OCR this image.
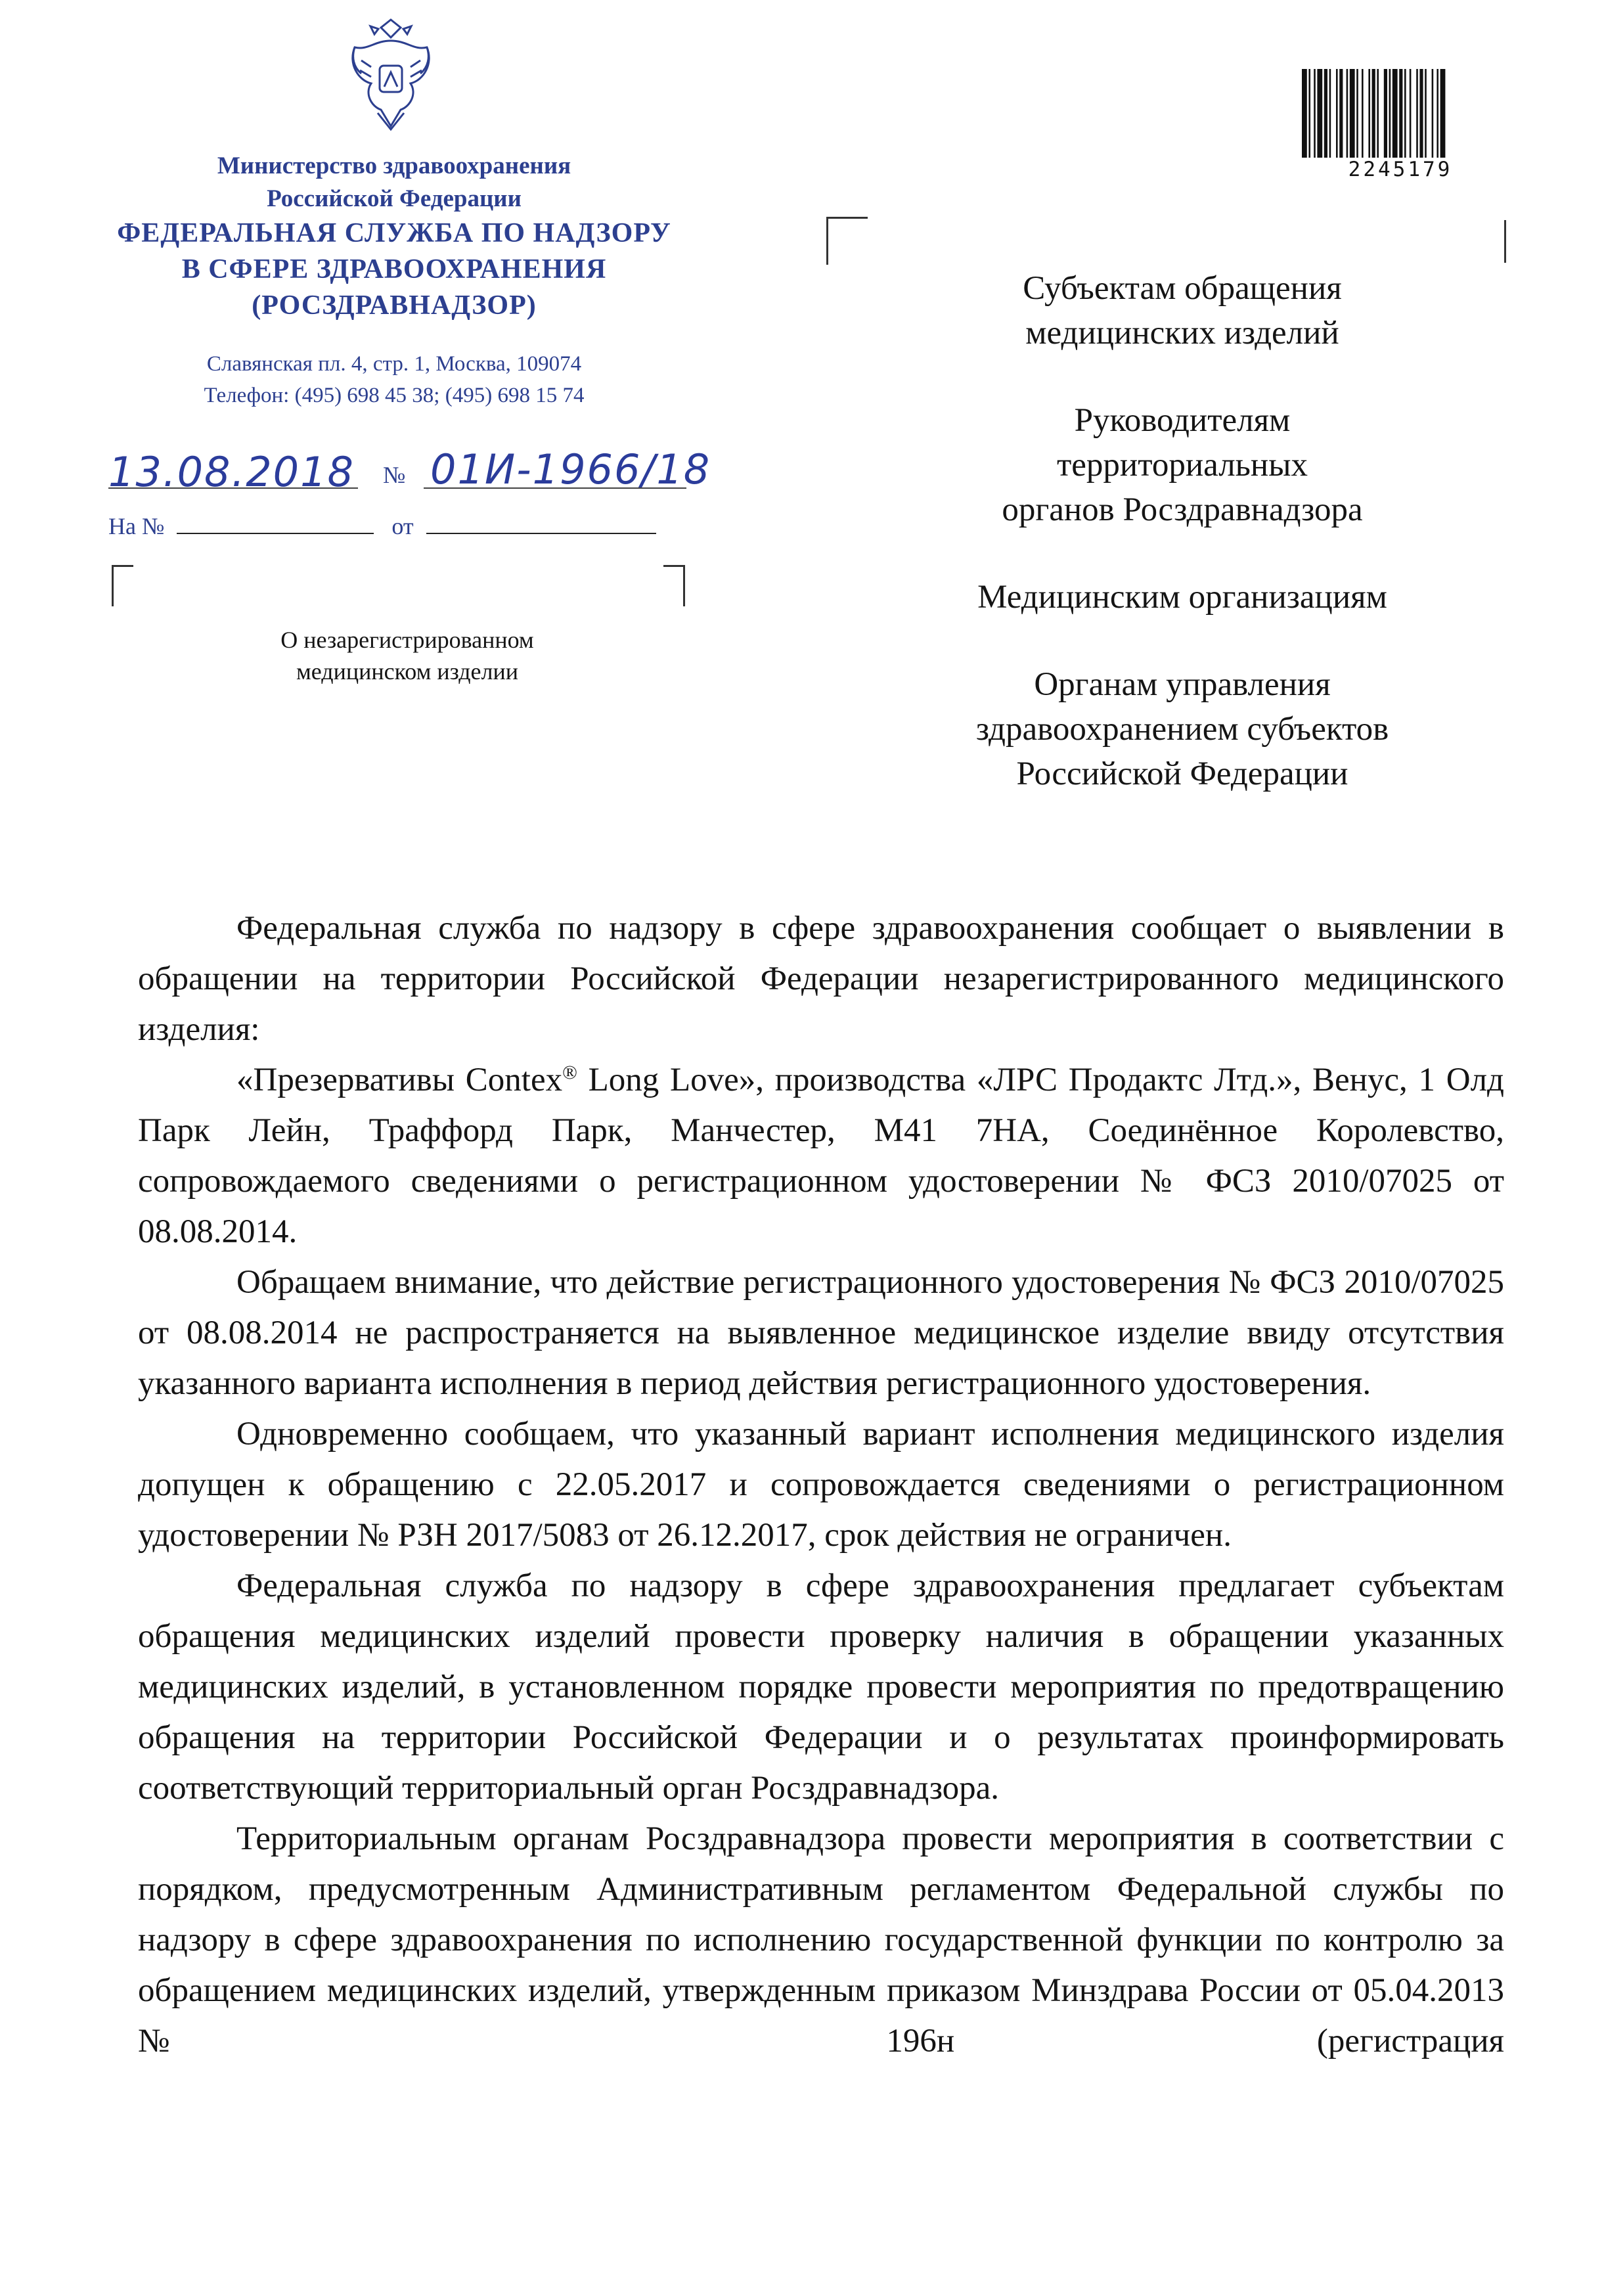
Министерство здравоохранения
Российской Федерации
ФЕДЕРАЛЬНАЯ СЛУЖБА ПО НАДЗОРУ
В СФЕРЕ ЗДРАВООХРАНЕНИЯ
(РОСЗДРАВНАДЗОР)
Славянская пл. 4, стр. 1, Москва, 109074
Телефон: (495) 698 45 38; (495) 698 15 74
13.08.2018 № 01И-1966/18
На №	от
О незарегистрированном
медицинском изделии
2245179

Субъектам обращения
медицинских изделий

Руководителям
территориальных
органов Росздравнадзора

Медицинским организациям

Органам управления
здравоохранением субъектов
Российской Федерации

Федеральная служба по надзору в сфере здравоохранения сообщает о выявлении в обращении на территории Российской Федерации незарегистрированного медицинского изделия:

«Презервативы Contex® Long Love», производства «ЛРС Продактс Лтд.», Венус, 1 Олд Парк Лейн, Траффорд Парк, Манчестер, M41 7HA, Соединённое Королевство, сопровождаемого сведениями о регистрационном удостоверении № ФСЗ 2010/07025 от 08.08.2014.

Обращаем внимание, что действие регистрационного удостоверения № ФСЗ 2010/07025 от 08.08.2014 не распространяется на выявленное медицинское изделие ввиду отсутствия указанного варианта исполнения в период действия регистрационного удостоверения.

Одновременно сообщаем, что указанный вариант исполнения медицинского изделия допущен к обращению с 22.05.2017 и сопровождается сведениями о регистрационном удостоверении № РЗН 2017/5083 от 26.12.2017, срок действия не ограничен.

Федеральная служба по надзору в сфере здравоохранения предлагает субъектам обращения медицинских изделий провести проверку наличия в обращении указанных медицинских изделий, в установленном порядке провести мероприятия по предотвращению обращения на территории Российской Федерации и о результатах проинформировать соответствующий территориальный орган Росздравнадзора.

Территориальным органам Росздравнадзора провести мероприятия в соответствии с порядком, предусмотренным Административным регламентом Федеральной службы по надзору в сфере здравоохранения по исполнению государственной функции по контролю за обращением медицинских изделий, утвержденным приказом Минздрава России от 05.04.2013 № 196н (регистрация
